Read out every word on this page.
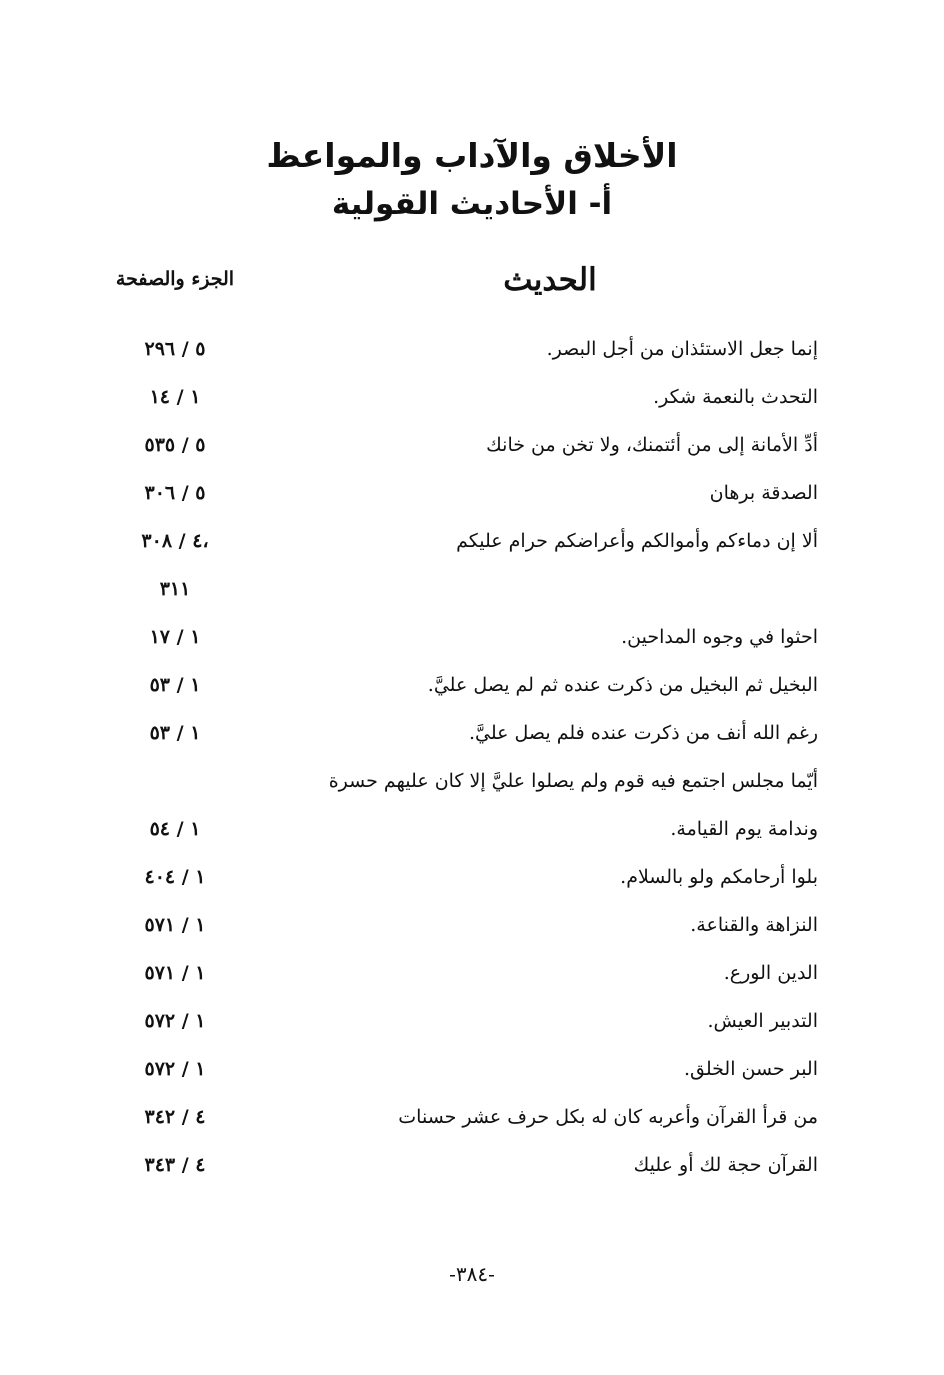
الأخلاق والآداب والمواعظ
أ- الأحاديث القولية
الحديث
الجزء والصفحة
إنما جعل الاستئذان من أجل البصر.
٥ / ٢٩٦
التحدث بالنعمة شكر.
١ / ١٤
أدِّ الأمانة إلى من أئتمنك، ولا تخن من خانك
٥ / ٥٣٥
الصدقة برهان
٥ / ٣٠٦
ألا إن دماءكم وأموالكم وأعراضكم حرام عليكم
٤ / ٣٠٨،
٣١١
احثوا في وجوه المداحين.
١ / ١٧
البخيل ثم البخيل من ذكرت عنده ثم لم يصل عليَّ.
١ / ٥٣
رغم الله أنف من ذكرت عنده فلم يصل عليَّ.
١ / ٥٣
أيّما مجلس اجتمع فيه قوم ولم يصلوا عليَّ إلا كان عليهم حسرة
وندامة يوم القيامة.
١ / ٥٤
بلوا أرحامكم ولو بالسلام.
١ / ٤٠٤
النزاهة والقناعة.
١ / ٥٧١
الدين الورع.
١ / ٥٧١
التدبير العيش.
١ / ٥٧٢
البر حسن الخلق.
١ / ٥٧٢
من قرأ القرآن وأعربه كان له بكل حرف عشر حسنات
٤ / ٣٤٢
القرآن حجة لك أو عليك
٤ / ٣٤٣
-٣٨٤-
